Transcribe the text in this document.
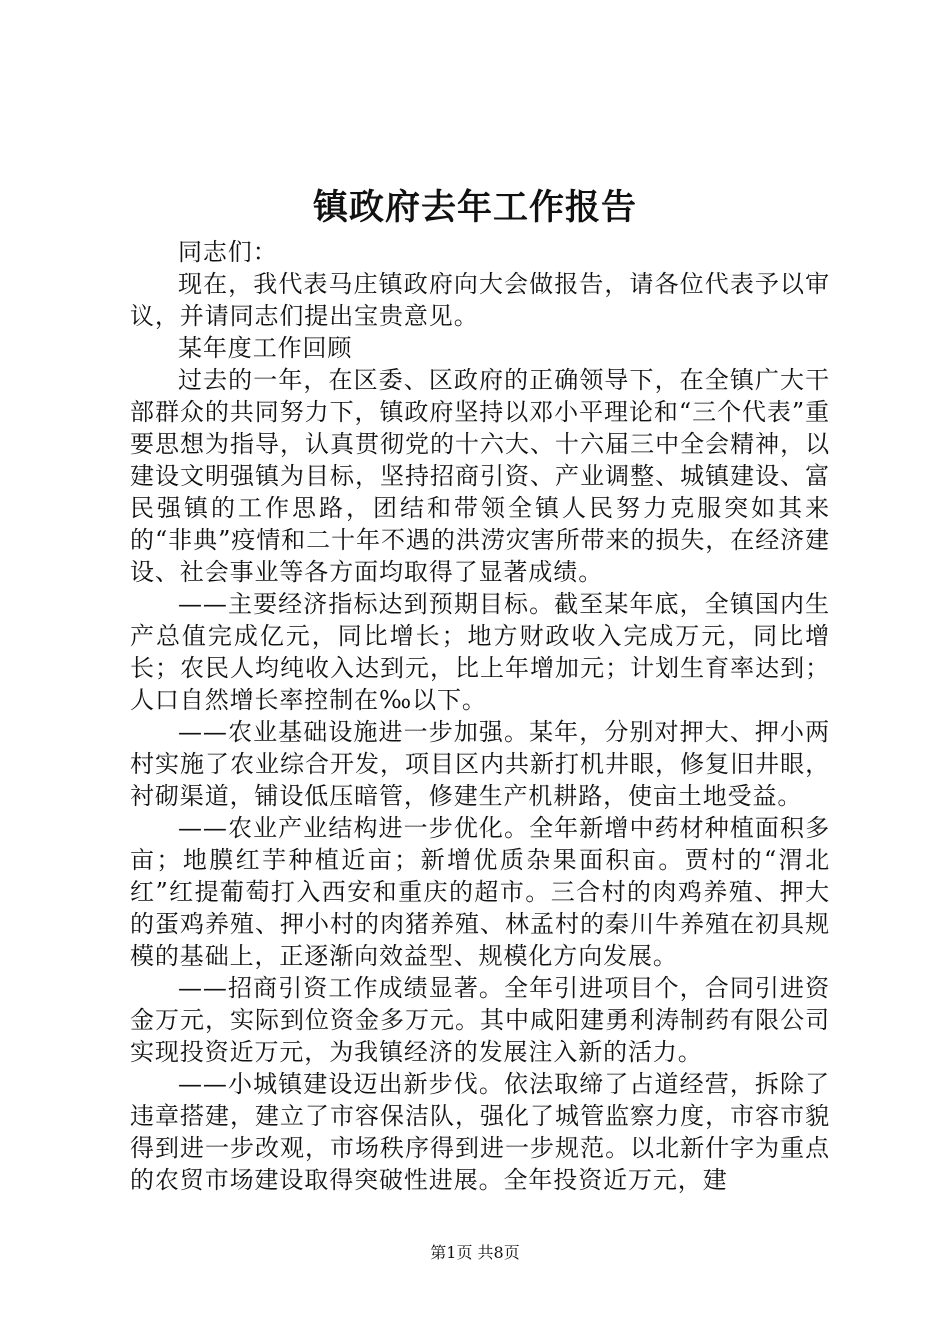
镇政府去年工作报告

同志们：

现在，我代表马庄镇政府向大会做报告，请各位代表予以审议，并请同志们提出宝贵意见。

某年度工作回顾

过去的一年，在区委、区政府的正确领导下，在全镇广大干部群众的共同努力下，镇政府坚持以邓小平理论和“三个代表”重要思想为指导，认真贯彻党的十六大、十六届三中全会精神，以建设文明强镇为目标，坚持招商引资、产业调整、城镇建设、富民强镇的工作思路，团结和带领全镇人民努力克服突如其来的“非典”疫情和二十年不遇的洪涝灾害所带来的损失，在经济建设、社会事业等各方面均取得了显著成绩。

——主要经济指标达到预期目标。截至某年底，全镇国内生产总值完成亿元，同比增长；地方财政收入完成万元，同比增长；农民人均纯收入达到元，比上年增加元；计划生育率达到；人口自然增长率控制在‰以下。

——农业基础设施进一步加强。某年，分别对押大、押小两村实施了农业综合开发，项目区内共新打机井眼，修复旧井眼，衬砌渠道，铺设低压暗管，修建生产机耕路，使亩土地受益。

——农业产业结构进一步优化。全年新增中药材种植面积多亩；地膜红芋种植近亩；新增优质杂果面积亩。贾村的“渭北红”红提葡萄打入西安和重庆的超市。三合村的肉鸡养殖、押大的蛋鸡养殖、押小村的肉猪养殖、林孟村的秦川牛养殖在初具规模的基础上，正逐渐向效益型、规模化方向发展。

——招商引资工作成绩显著。全年引进项目个，合同引进资金万元，实际到位资金多万元。其中咸阳建勇利涛制药有限公司实现投资近万元，为我镇经济的发展注入新的活力。

——小城镇建设迈出新步伐。依法取缔了占道经营，拆除了违章搭建，建立了市容保洁队，强化了城管监察力度，市容市貌得到进一步改观，市场秩序得到进一步规范。以北新什字为重点的农贸市场建设取得突破性进展。全年投资近万元，建

第1页 共8页
